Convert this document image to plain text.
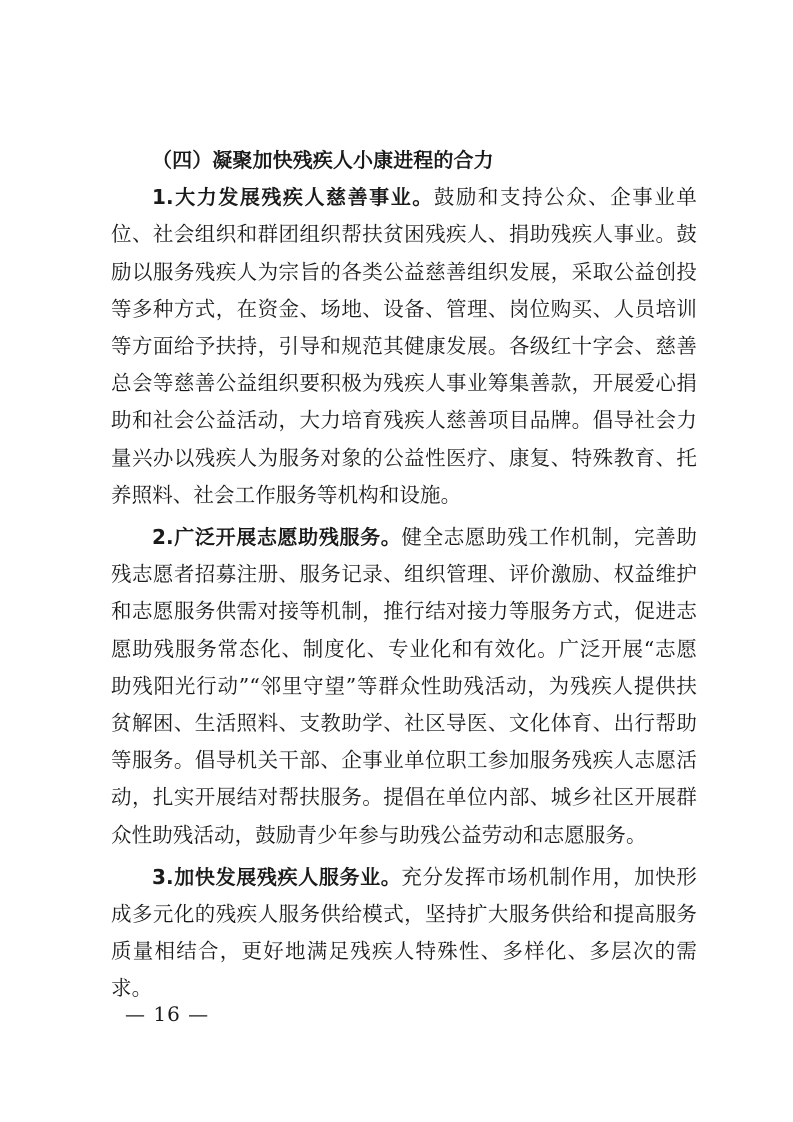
（四）凝聚加快残疾人小康进程的合力

1.大力发展残疾人慈善事业。鼓励和支持公众、企事业单位、社会组织和群团组织帮扶贫困残疾人、捐助残疾人事业。鼓励以服务残疾人为宗旨的各类公益慈善组织发展，采取公益创投等多种方式，在资金、场地、设备、管理、岗位购买、人员培训等方面给予扶持，引导和规范其健康发展。各级红十字会、慈善总会等慈善公益组织要积极为残疾人事业筹集善款，开展爱心捐助和社会公益活动，大力培育残疾人慈善项目品牌。倡导社会力量兴办以残疾人为服务对象的公益性医疗、康复、特殊教育、托养照料、社会工作服务等机构和设施。

2.广泛开展志愿助残服务。健全志愿助残工作机制，完善助残志愿者招募注册、服务记录、组织管理、评价激励、权益维护和志愿服务供需对接等机制，推行结对接力等服务方式，促进志愿助残服务常态化、制度化、专业化和有效化。广泛开展“志愿助残阳光行动”“邻里守望”等群众性助残活动，为残疾人提供扶贫解困、生活照料、支教助学、社区导医、文化体育、出行帮助等服务。倡导机关干部、企事业单位职工参加服务残疾人志愿活动，扎实开展结对帮扶服务。提倡在单位内部、城乡社区开展群众性助残活动，鼓励青少年参与助残公益劳动和志愿服务。

3.加快发展残疾人服务业。充分发挥市场机制作用，加快形成多元化的残疾人服务供给模式，坚持扩大服务供给和提高服务质量相结合，更好地满足残疾人特殊性、多样化、多层次的需求。

— 16 —
